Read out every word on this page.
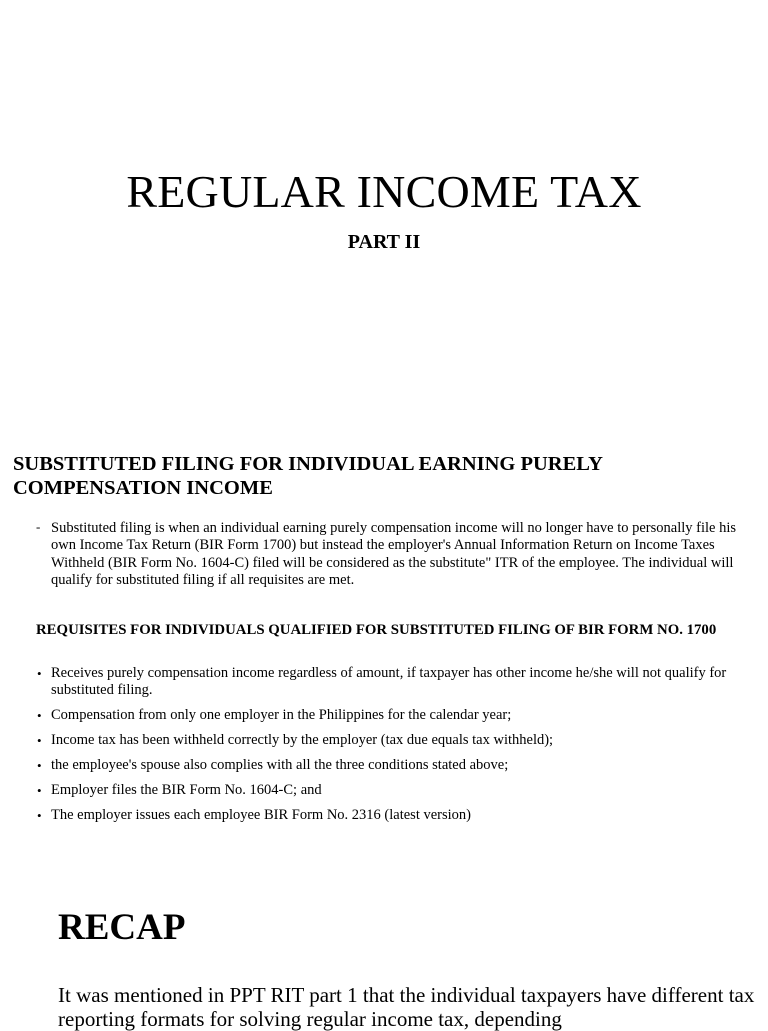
REGULAR INCOME TAX
PART II
SUBSTITUTED FILING FOR INDIVIDUAL EARNING PURELY
COMPENSATION INCOME
- Substituted filing is when an individual earning purely compensation income will no longer have to personally file his own Income Tax Return (BIR Form 1700) but instead the employer's Annual Information Return on Income Taxes Withheld (BIR Form No. 1604-C) filed will be considered as the substitute" ITR of the employee. The individual will qualify for substituted filing if all requisites are met.
REQUISITES FOR INDIVIDUALS QUALIFIED FOR SUBSTITUTED FILING OF BIR FORM NO. 1700
• Receives purely compensation income regardless of amount, if taxpayer has other income he/she will not qualify for substituted filing.
• Compensation from only one employer in the Philippines for the calendar year;
• Income tax has been withheld correctly by the employer (tax due equals tax withheld);
• the employee's spouse also complies with all the three conditions stated above;
• Employer files the BIR Form No. 1604-C; and
• The employer issues each employee BIR Form No. 2316 (latest version)
RECAP

It was mentioned in PPT RIT part 1 that the individual taxpayers have different tax reporting formats for solving regular income tax, depending
